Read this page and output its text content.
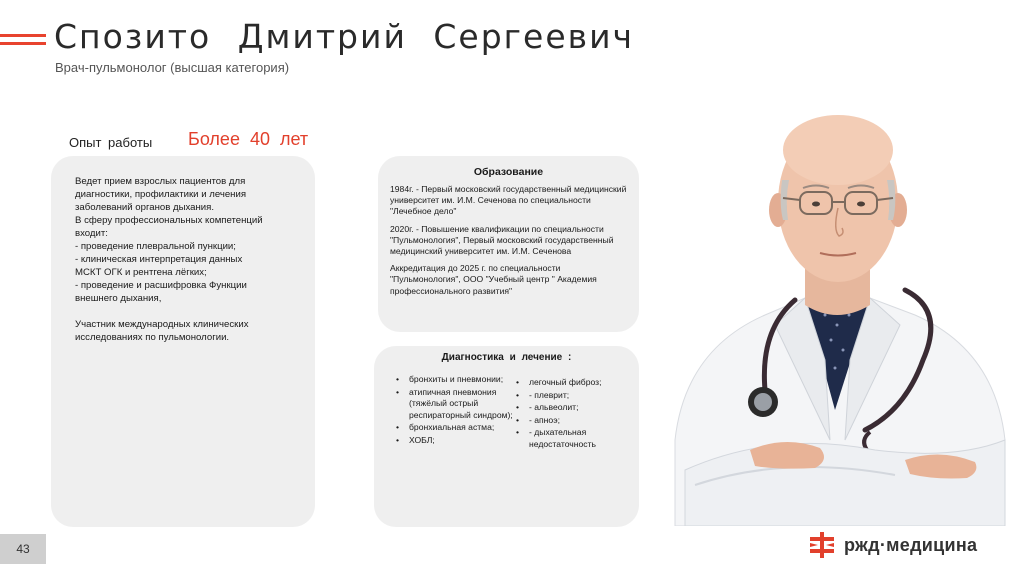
Спозито Дмитрий Сергеевич
Врач-пульмонолог (высшая категория)
Опыт работы Более 40 лет

Ведет прием взрослых пациентов для

диагностики, профилактики и лечения

заболеваний органов дыхания.

В сферу профессиональных компетенций

входит:

- проведение плевральной пункции;

- клиническая интерпретация данных

МСКТ ОГК и рентгена лёгких;

- проведение и расшифровка Функции

внешнего дыхания,

Участник международных клинических

исследованиях по пульмонологии.

Образование

1984г. - Первый московский государственный медицинский университет им. И.М. Сеченова по специальности "Лечебное дело"

2020г. - Повышение квалификации по специальности "Пульмонология", Первый московский государственный медицинский университет им. И.М. Сеченова

Аккредитация до 2025 г. по специальности "Пульмонология", ООО "Учебный центр " Академия профессионального развития"

Диагностика и лечение :
• бронхиты и пневмонии;
• атипичная пневмония (тяжёлый острый респираторный синдром);
• бронхиальная астма;
• ХОБЛ;
• легочный фиброз;
• - плеврит;
• - альвеолит;
• - апноэ;
• - дыхательная недостаточность
43	ржд·медицина
